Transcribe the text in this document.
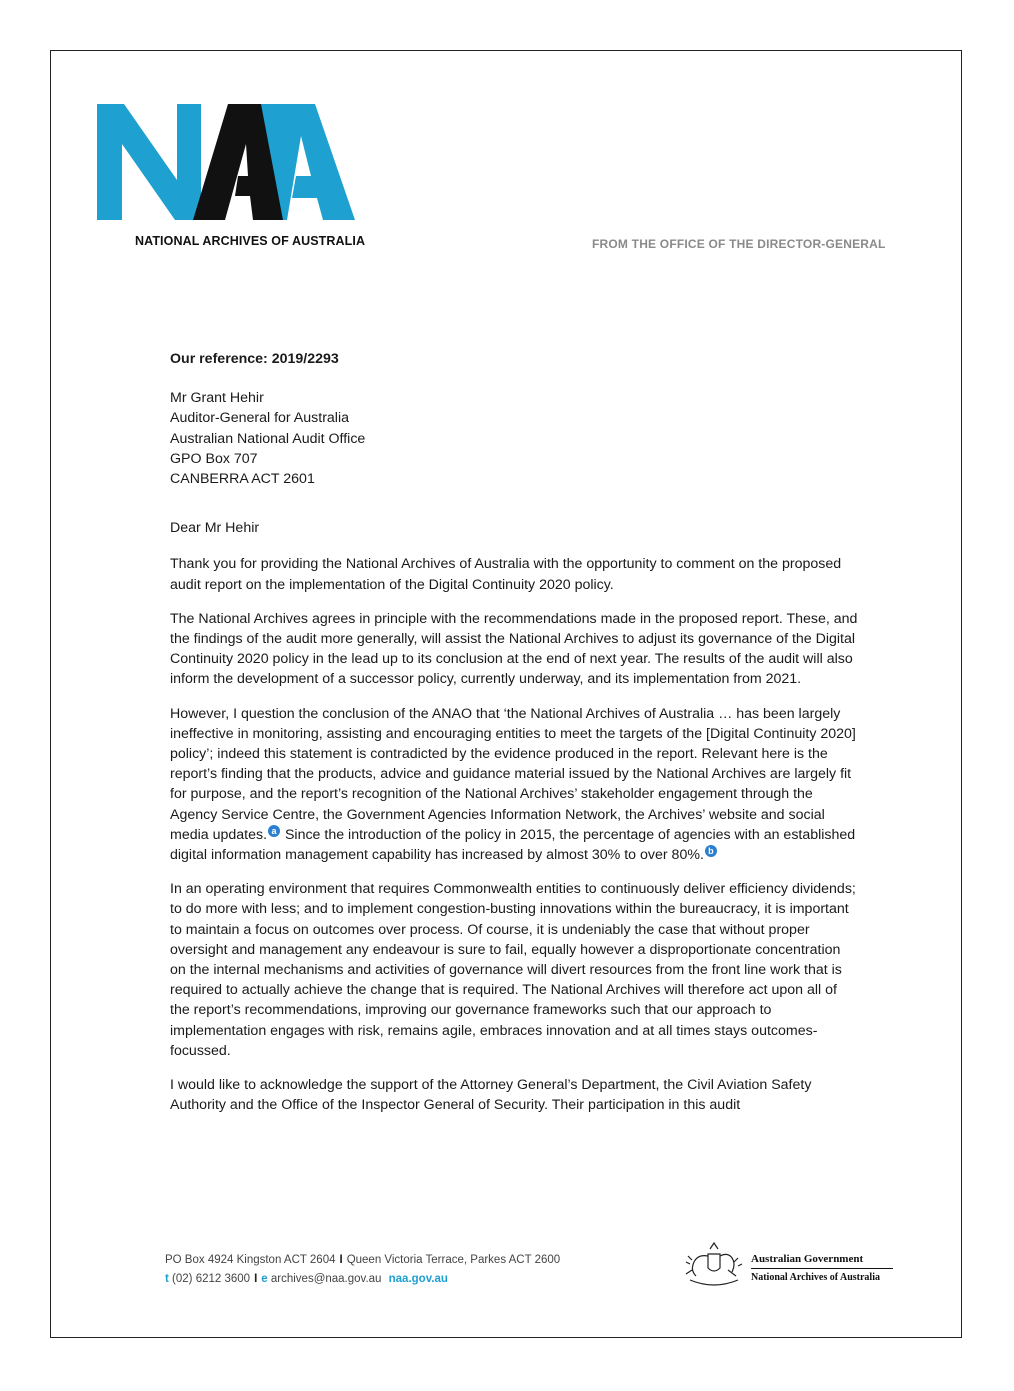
NATIONAL ARCHIVES OF AUSTRALIA	FROM THE OFFICE OF THE DIRECTOR-GENERAL

Our reference: 2019/2293

Mr Grant Hehir

Auditor-General for Australia

Australian National Audit Office

GPO Box 707

CANBERRA ACT 2601

Dear Mr Hehir

Thank you for providing the National Archives of Australia with the opportunity to comment on the proposed audit report on the implementation of the Digital Continuity 2020 policy.

The National Archives agrees in principle with the recommendations made in the proposed report. These, and the findings of the audit more generally, will assist the National Archives to adjust its governance of the Digital Continuity 2020 policy in the lead up to its conclusion at the end of next year. The results of the audit will also inform the development of a successor policy, currently underway, and its implementation from 2021.

However, I question the conclusion of the ANAO that ‘the National Archives of Australia … has been largely ineffective in monitoring, assisting and encouraging entities to meet the targets of the [Digital Continuity 2020] policy’; indeed this statement is contradicted by the evidence produced in the report. Relevant here is the report’s finding that the products, advice and guidance material issued by the National Archives are largely fit for purpose, and the report’s recognition of the National Archives’ stakeholder engagement through the Agency Service Centre, the Government Agencies Information Network, the Archives’ website and social media updates. a Since the introduction of the policy in 2015, the percentage of agencies with an established digital information management capability has increased by almost 30% to over 80%. b

In an operating environment that requires Commonwealth entities to continuously deliver efficiency dividends; to do more with less; and to implement congestion-busting innovations within the bureaucracy, it is important to maintain a focus on outcomes over process. Of course, it is undeniably the case that without proper oversight and management any endeavour is sure to fail, equally however a disproportionate concentration on the internal mechanisms and activities of governance will divert resources from the front line work that is required to actually achieve the change that is required. The National Archives will therefore act upon all of the report’s recommendations, improving our governance frameworks such that our approach to implementation engages with risk, remains agile, embraces innovation and at all times stays outcomes-focussed.

I would like to acknowledge the support of the Attorney General’s Department, the Civil Aviation Safety Authority and the Office of the Inspector General of Security. Their participation in this audit

PO Box 4924 Kingston ACT 2604 I Queen Victoria Terrace, Parkes ACT 2600
t (02) 6212 3600 I e archives@naa.gov.au naa.gov.au
Australian Government
National Archives of Australia
